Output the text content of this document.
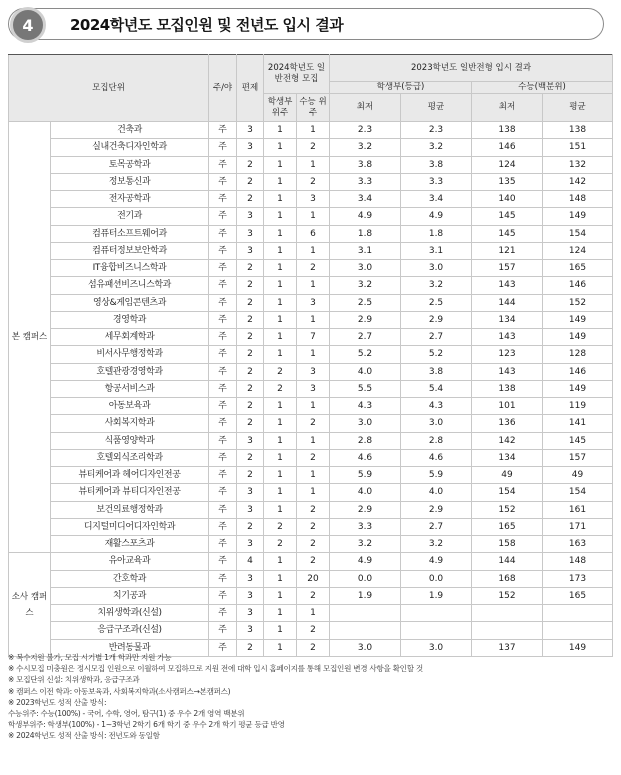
4	2024학년도 모집인원 및 전년도 입시 결과
모집단위		주/야	편제	2024학년도 일반전형 모집		2023학년도 일반전형 입시 결과			
						학생부(등급)		수능(백분위)	
				학생부 위주	수능 위주	최저	평균	최저	평균
본 캠퍼스	건축과	주	3	1	1	2.3	2.3	138	138
	실내건축디자인학과	주	3	1	2	3.2	3.2	146	151
	토목공학과	주	2	1	1	3.8	3.8	124	132
	정보통신과	주	2	1	2	3.3	3.3	135	142
	전자공학과	주	2	1	3	3.4	3.4	140	148
	전기과	주	3	1	1	4.9	4.9	145	149
	컴퓨터소프트웨어과	주	3	1	6	1.8	1.8	145	154
	컴퓨터정보보안학과	주	3	1	1	3.1	3.1	121	124
	IT융합비즈니스학과	주	2	1	2	3.0	3.0	157	165
	섬유패션비즈니스학과	주	2	1	1	3.2	3.2	143	146
	영상&게임콘텐츠과	주	2	1	3	2.5	2.5	144	152
	경영학과	주	2	1	1	2.9	2.9	134	149
	세무회계학과	주	2	1	7	2.7	2.7	143	149
	비서사무행정학과	주	2	1	1	5.2	5.2	123	128
	호텔관광경영학과	주	2	2	3	4.0	3.8	143	146
	항공서비스과	주	2	2	3	5.5	5.4	138	149
	아동보육과	주	2	1	1	4.3	4.3	101	119
	사회복지학과	주	2	1	2	3.0	3.0	136	141
	식품영양학과	주	3	1	1	2.8	2.8	142	145
	호텔외식조리학과	주	2	1	2	4.6	4.6	134	157
	뷰티케어과 헤어디자인전공	주	2	1	1	5.9	5.9	49	49
	뷰티케어과 뷰티디자인전공	주	3	1	1	4.0	4.0	154	154
	보건의료행정학과	주	3	1	2	2.9	2.9	152	161
	디지털미디어디자인학과	주	2	2	2	3.3	2.7	165	171
	재활스포츠과	주	3	2	2	3.2	3.2	158	163
소사 캠퍼스	유아교육과	주	4	1	2	4.9	4.9	144	148
	간호학과	주	3	1	20	0.0	0.0	168	173
	치기공과	주	3	1	2	1.9	1.9	152	165
	치위생학과(신설)	주	3	1	1				
	응급구조과(신설)	주	3	1	2				
	반려동물과	주	2	1	2	3.0	3.0	137	149
※ 복수지원 불가, 모집 시기별 1개 학과만 지원 가능
※ 수시모집 미충원은 정시모집 인원으로 이월하여 모집하므로 지원 전에 대학 입시 홈페이지를 통해 모집인원 변경 사항을 확인할 것
※ 모집단위 신설: 치위생학과, 응급구조과
※ 캠퍼스 이전 학과: 아동보육과, 사회복지학과(소사캠퍼스→본캠퍼스)
※ 2023학년도 성적 산출 방식:
수능위주: 수능(100%) - 국어, 수학, 영어, 탐구(1) 중 우수 2개 영역 백분위
학생부위주: 학생부(100%) - 1~3학년 2학기 6개 학기 중 우수 2개 학기 평균 등급 반영
※ 2024학년도 성적 산출 방식: 전년도와 동일함
